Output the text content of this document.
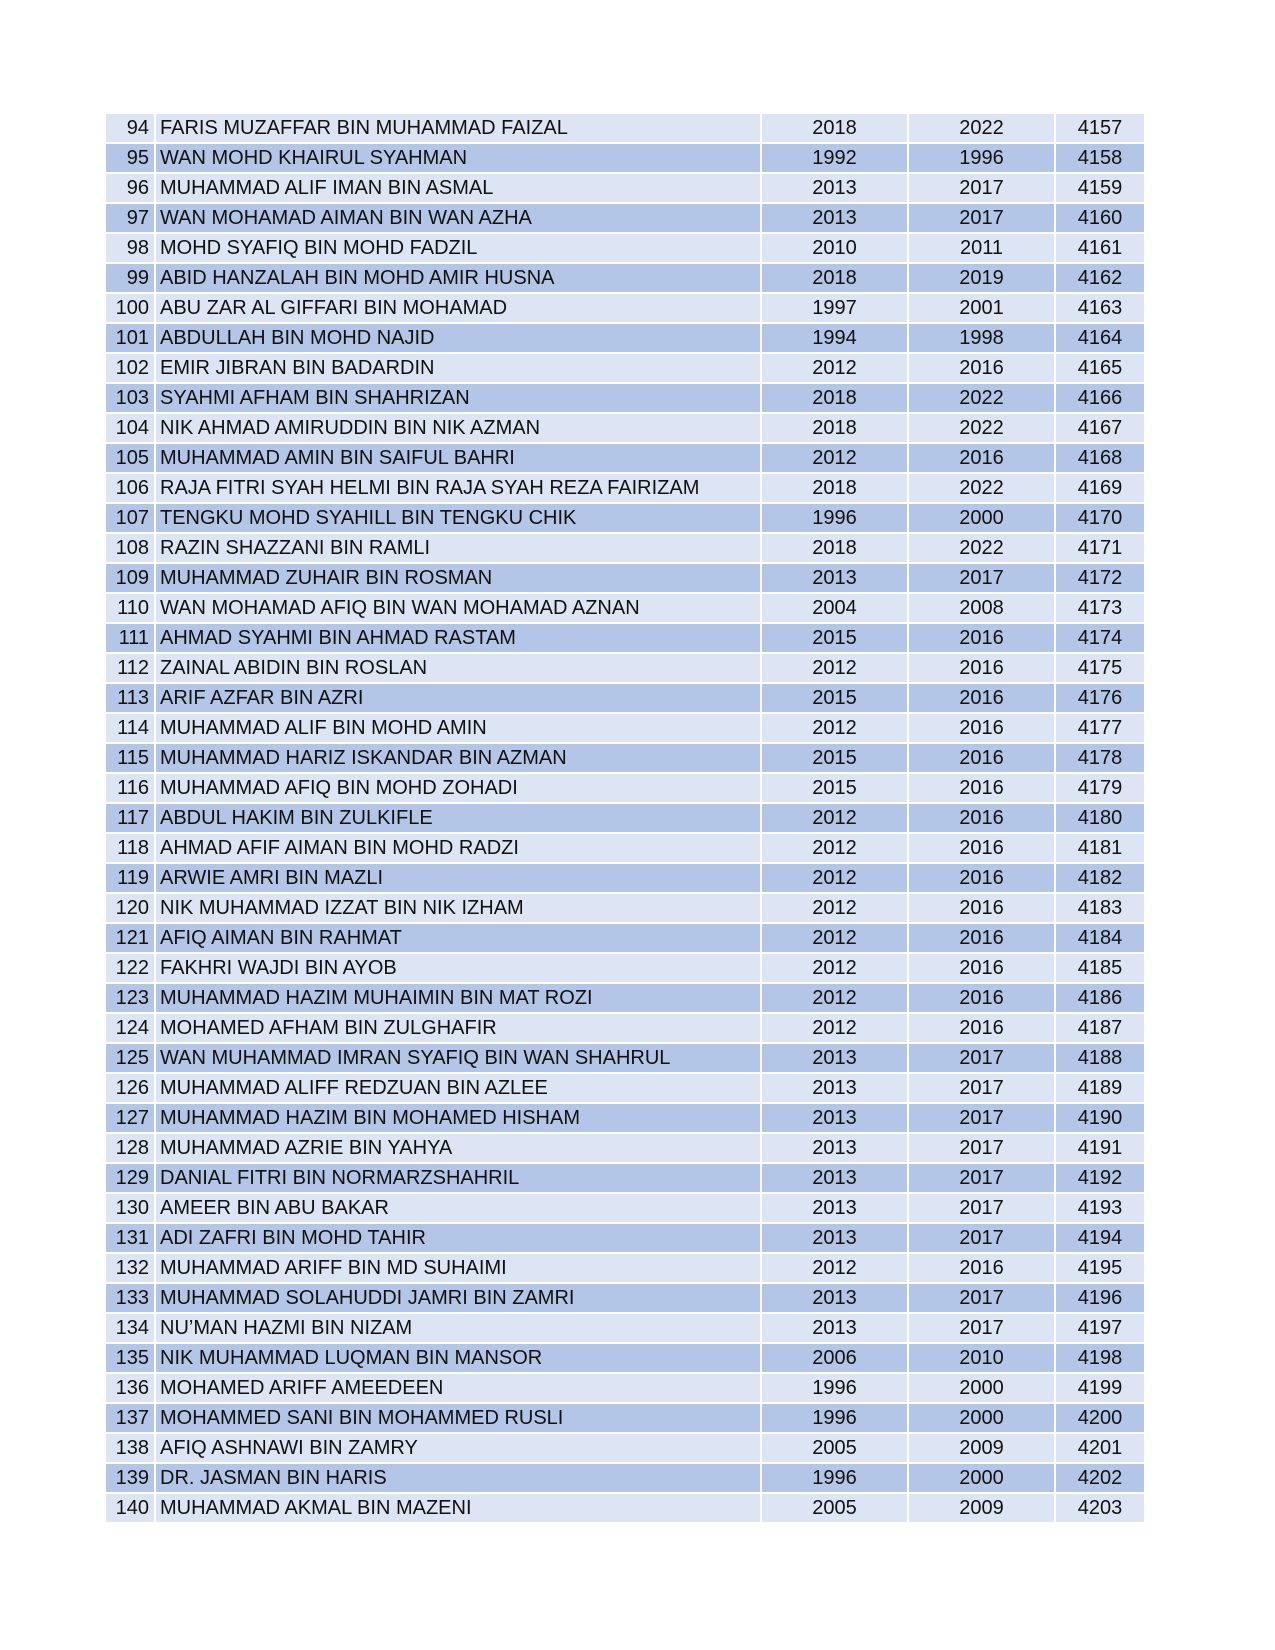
94	FARIS MUZAFFAR BIN MUHAMMAD FAIZAL	2018	2022	4157
95	WAN MOHD KHAIRUL SYAHMAN	1992	1996	4158
96	MUHAMMAD ALIF IMAN BIN ASMAL	2013	2017	4159
97	WAN MOHAMAD AIMAN BIN WAN AZHA	2013	2017	4160
98	MOHD SYAFIQ BIN MOHD FADZIL	2010	2011	4161
99	ABID HANZALAH BIN MOHD AMIR HUSNA	2018	2019	4162
100	ABU ZAR AL GIFFARI BIN MOHAMAD	1997	2001	4163
101	ABDULLAH BIN MOHD NAJID	1994	1998	4164
102	EMIR JIBRAN BIN BADARDIN	2012	2016	4165
103	SYAHMI AFHAM BIN SHAHRIZAN	2018	2022	4166
104	NIK AHMAD AMIRUDDIN BIN NIK AZMAN	2018	2022	4167
105	MUHAMMAD AMIN BIN SAIFUL BAHRI	2012	2016	4168
106	RAJA FITRI SYAH HELMI BIN RAJA SYAH REZA FAIRIZAM	2018	2022	4169
107	TENGKU MOHD SYAHILL BIN TENGKU CHIK	1996	2000	4170
108	RAZIN SHAZZANI BIN RAMLI	2018	2022	4171
109	MUHAMMAD ZUHAIR BIN ROSMAN	2013	2017	4172
110	WAN MOHAMAD AFIQ BIN WAN MOHAMAD AZNAN	2004	2008	4173
111	AHMAD SYAHMI BIN AHMAD RASTAM	2015	2016	4174
112	ZAINAL ABIDIN BIN ROSLAN	2012	2016	4175
113	ARIF AZFAR BIN AZRI	2015	2016	4176
114	MUHAMMAD ALIF BIN MOHD AMIN	2012	2016	4177
115	MUHAMMAD HARIZ ISKANDAR BIN AZMAN	2015	2016	4178
116	MUHAMMAD AFIQ BIN MOHD ZOHADI	2015	2016	4179
117	ABDUL HAKIM BIN ZULKIFLE	2012	2016	4180
118	AHMAD AFIF AIMAN BIN MOHD RADZI	2012	2016	4181
119	ARWIE AMRI BIN MAZLI	2012	2016	4182
120	NIK MUHAMMAD IZZAT BIN NIK IZHAM	2012	2016	4183
121	AFIQ AIMAN BIN RAHMAT	2012	2016	4184
122	FAKHRI WAJDI BIN AYOB	2012	2016	4185
123	MUHAMMAD HAZIM MUHAIMIN BIN MAT ROZI	2012	2016	4186
124	MOHAMED AFHAM BIN ZULGHAFIR	2012	2016	4187
125	WAN MUHAMMAD IMRAN SYAFIQ BIN WAN SHAHRUL	2013	2017	4188
126	MUHAMMAD ALIFF REDZUAN BIN AZLEE	2013	2017	4189
127	MUHAMMAD HAZIM BIN MOHAMED HISHAM	2013	2017	4190
128	MUHAMMAD AZRIE BIN YAHYA	2013	2017	4191
129	DANIAL FITRI BIN NORMARZSHAHRIL	2013	2017	4192
130	AMEER BIN ABU BAKAR	2013	2017	4193
131	ADI ZAFRI BIN MOHD TAHIR	2013	2017	4194
132	MUHAMMAD ARIFF BIN MD SUHAIMI	2012	2016	4195
133	MUHAMMAD SOLAHUDDI JAMRI BIN ZAMRI	2013	2017	4196
134	NU’MAN HAZMI BIN NIZAM	2013	2017	4197
135	NIK MUHAMMAD LUQMAN BIN MANSOR	2006	2010	4198
136	MOHAMED ARIFF AMEEDEEN	1996	2000	4199
137	MOHAMMED SANI BIN MOHAMMED RUSLI	1996	2000	4200
138	AFIQ ASHNAWI BIN ZAMRY	2005	2009	4201
139	DR. JASMAN BIN HARIS	1996	2000	4202
140	MUHAMMAD AKMAL BIN MAZENI	2005	2009	4203
